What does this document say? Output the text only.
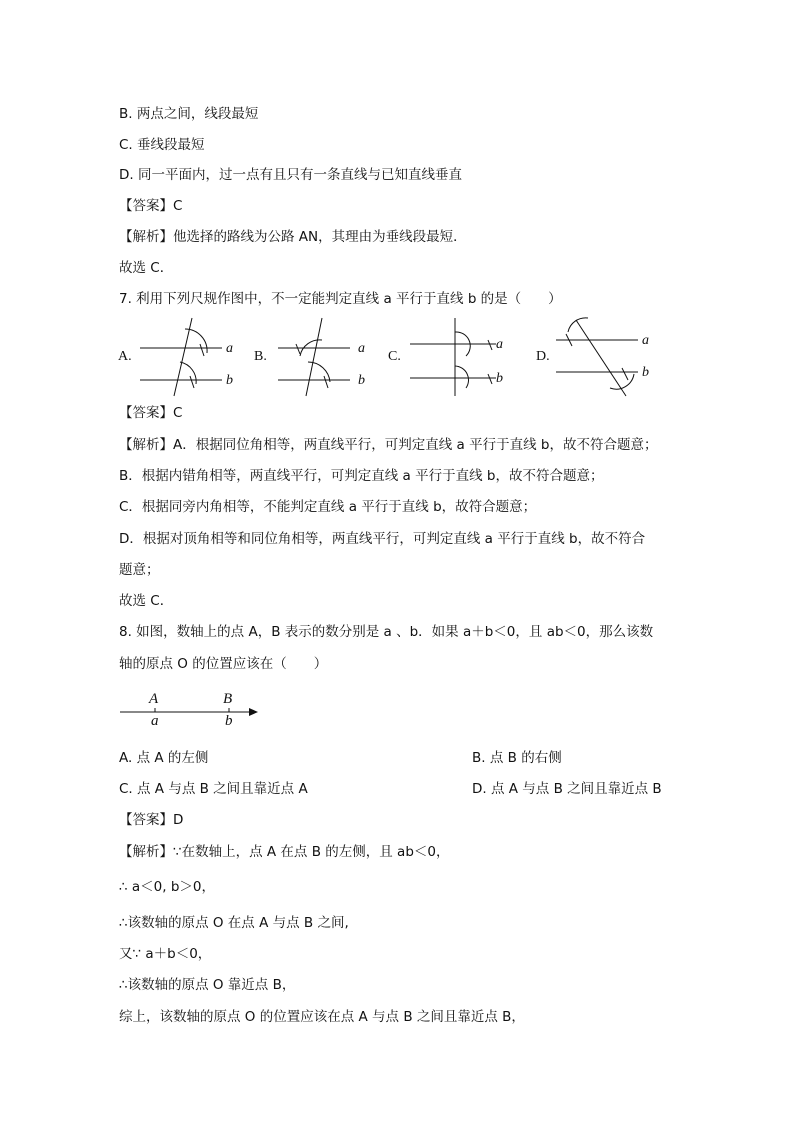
B. 两点之间，线段最短
C. 垂线段最短
D. 同一平面内，过一点有且只有一条直线与已知直线垂直
【答案】C
【解析】他选择的路线为公路 AN，其理由为垂线段最短．
故选 C．
7. 利用下列尺规作图中，不一定能判定直线 a 平行于直线 b 的是（　　）
A.
a
b
B.
a
b
C.
a
b
D.
a
b
【答案】C
【解析】A．根据同位角相等，两直线平行，可判定直线 a 平行于直线 b，故不符合题意；
B．根据内错角相等，两直线平行，可判定直线 a 平行于直线 b，故不符合题意；
C．根据同旁内角相等，不能判定直线 a 平行于直线 b，故符合题意；
D．根据对顶角相等和同位角相等，两直线平行，可判定直线 a 平行于直线 b，故不符合
题意；
故选 C．
8. 如图，数轴上的点 A，B 表示的数分别是 a 、b．如果 a＋b＜0，且 ab＜0，那么该数
轴的原点 O 的位置应该在（　　）
A	B
a	b
A. 点 A 的左侧	B. 点 B 的右侧
C. 点 A 与点 B 之间且靠近点 A	D. 点 A 与点 B 之间且靠近点 B
【答案】D
【解析】∵在数轴上，点 A 在点 B 的左侧，且 ab＜0，
∴ a＜0, b＞0，
∴该数轴的原点 O 在点 A 与点 B 之间,
又∵ a＋b＜0，
∴该数轴的原点 O 靠近点 B，
综上，该数轴的原点 O 的位置应该在点 A 与点 B 之间且靠近点 B，
